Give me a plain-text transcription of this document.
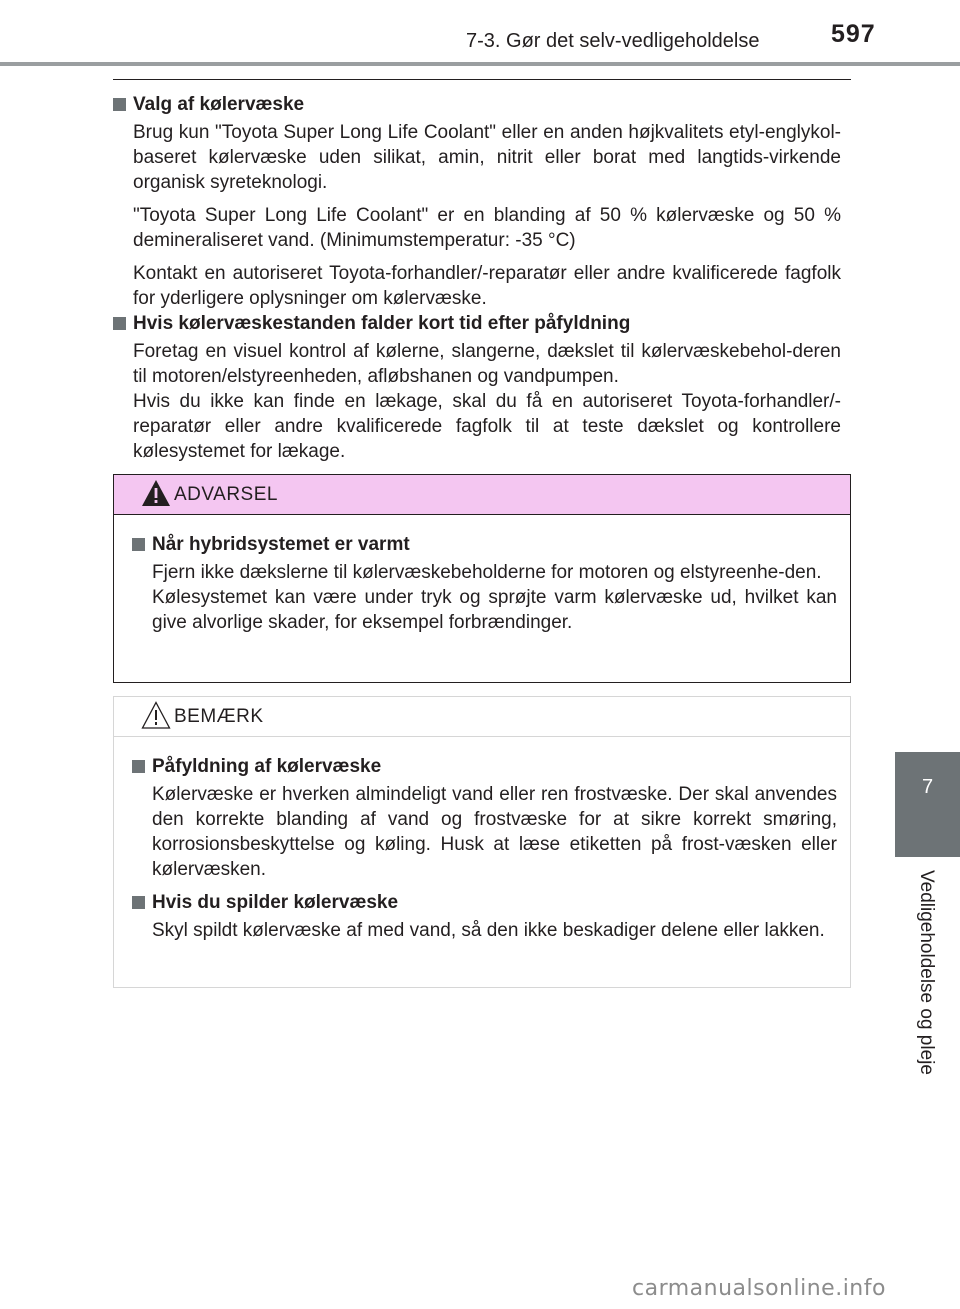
7-3. Gør det selv-vedligeholdelse	597
7
Vedligeholdelse og pleje
Valg af kølervæske

Brug kun "Toyota Super Long Life Coolant" eller en anden højkvalitets etyl-englykol-baseret kølervæske uden silikat, amin, nitrit eller borat med langtids-virkende organisk syreteknologi.

"Toyota Super Long Life Coolant" er en blanding af 50 % kølervæske og 50 % demineraliseret vand. (Minimumstemperatur: -35 °C)

Kontakt en autoriseret Toyota-forhandler/-reparatør eller andre kvalificerede fagfolk for yderligere oplysninger om kølervæske.

Hvis kølervæskestanden falder kort tid efter påfyldning

Foretag en visuel kontrol af kølerne, slangerne, dækslet til kølervæskebehol-deren til motoren/elstyreenheden, afløbshanen og vandpumpen.

Hvis du ikke kan finde en lækage, skal du få en autoriseret Toyota-forhandler/-reparatør eller andre kvalificerede fagfolk til at teste dækslet og kontrollere kølesystemet for lækage.

ADVARSEL
Når hybridsystemet er varmt

Fjern ikke dækslerne til kølervæskebeholderne for motoren og elstyreenhe-den.

Kølesystemet kan være under tryk og sprøjte varm kølervæske ud, hvilket kan give alvorlige skader, for eksempel forbrændinger.

BEMÆRK
Påfyldning af kølervæske

Kølervæske er hverken almindeligt vand eller ren frostvæske. Der skal anvendes den korrekte blanding af vand og frostvæske for at sikre korrekt smøring, korrosionsbeskyttelse og køling. Husk at læse etiketten på frost-væsken eller kølervæsken.

Hvis du spilder kølervæske

Skyl spildt kølervæske af med vand, så den ikke beskadiger delene eller lakken.

carmanualsonline.info
